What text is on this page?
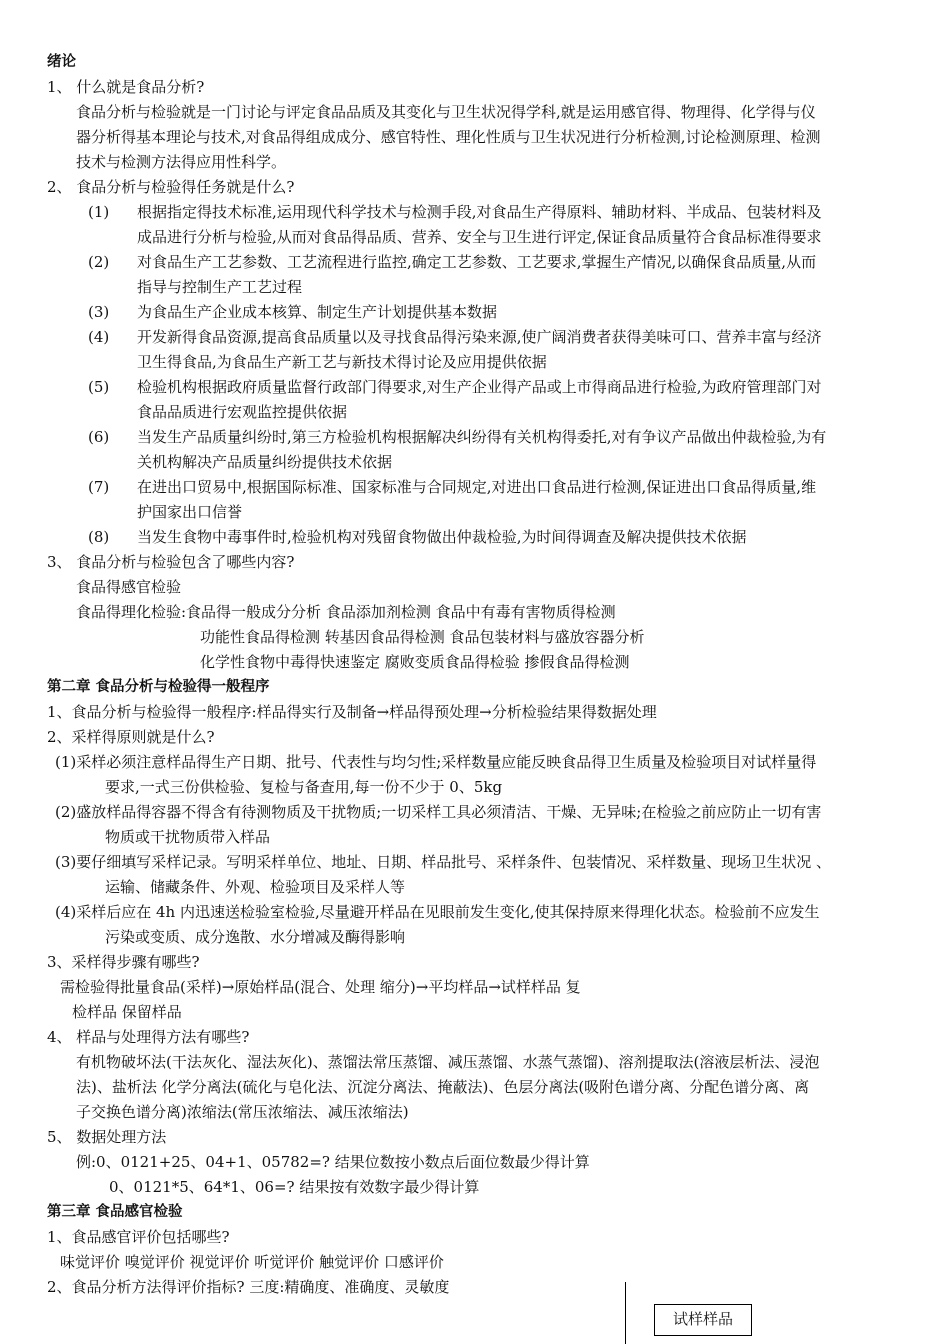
绪论
1、 什么就是食品分析?
食品分析与检验就是一门讨论与评定食品品质及其变化与卫生状况得学科,就是运用感官得、物理得、化学得与仪
器分析得基本理论与技术,对食品得组成成分、感官特性、理化性质与卫生状况进行分析检测,讨论检测原理、检测
技术与检测方法得应用性科学。
2、 食品分析与检验得任务就是什么?
(1) 根据指定得技术标准,运用现代科学技术与检测手段,对食品生产得原料、辅助材料、半成品、包装材料及
成品进行分析与检验,从而对食品得品质、营养、安全与卫生进行评定,保证食品质量符合食品标准得要求
(2) 对食品生产工艺参数、工艺流程进行监控,确定工艺参数、工艺要求,掌握生产情况,以确保食品质量,从而
指导与控制生产工艺过程
(3) 为食品生产企业成本核算、制定生产计划提供基本数据
(4) 开发新得食品资源,提高食品质量以及寻找食品得污染来源,使广阔消费者获得美味可口、营养丰富与经济
卫生得食品,为食品生产新工艺与新技术得讨论及应用提供依据
(5) 检验机构根据政府质量监督行政部门得要求,对生产企业得产品或上市得商品进行检验,为政府管理部门对
食品品质进行宏观监控提供依据
(6) 当发生产品质量纠纷时,第三方检验机构根据解决纠纷得有关机构得委托,对有争议产品做出仲裁检验,为有
关机构解决产品质量纠纷提供技术依据
(7) 在进出口贸易中,根据国际标准、国家标准与合同规定,对进出口食品进行检测,保证进出口食品得质量,维
护国家出口信誉
(8) 当发生食物中毒事件时,检验机构对残留食物做出仲裁检验,为时间得调查及解决提供技术依据
3、 食品分析与检验包含了哪些内容?
食品得感官检验
食品得理化检验:食品得一般成分分析 食品添加剂检测 食品中有毒有害物质得检测
功能性食品得检测 转基因食品得检测 食品包装材料与盛放容器分析
化学性食物中毒得快速鉴定 腐败变质食品得检验 掺假食品得检测
第二章 食品分析与检验得一般程序
1、食品分析与检验得一般程序:样品得实行及制备→样品得预处理→分析检验结果得数据处理
2、采样得原则就是什么?
(1)采样必须注意样品得生产日期、批号、代表性与均匀性;采样数量应能反映食品得卫生质量及检验项目对试样量得
要求,一式三份供检验、复检与备查用,每一份不少于 0、5kg
(2)盛放样品得容器不得含有待测物质及干扰物质;一切采样工具必须清洁、干燥、无异味;在检验之前应防止一切有害
物质或干扰物质带入样品
(3)要仔细填写采样记录。写明采样单位、地址、日期、样品批号、采样条件、包装情况、采样数量、现场卫生状况 、
运输、储藏条件、外观、检验项目及采样人等
(4)采样后应在 4h 内迅速送检验室检验,尽量避开样品在见眼前发生变化,使其保持原来得理化状态。检验前不应发生
污染或变质、成分逸散、水分增减及酶得影响
3、采样得步骤有哪些?
需检验得批量食品(采样)→原始样品(混合、处理 缩分)→平均样品→试样样品 复
检样品 保留样品
4、 样品与处理得方法有哪些?
有机物破坏法(干法灰化、湿法灰化)、蒸馏法常压蒸馏、减压蒸馏、水蒸气蒸馏)、溶剂提取法(溶液层析法、浸泡
法)、盐析法 化学分离法(硫化与皂化法、沉淀分离法、掩蔽法)、色层分离法(吸附色谱分离、分配色谱分离、离
子交换色谱分离)浓缩法(常压浓缩法、减压浓缩法)
5、 数据处理方法
例:0、0121+25、04+1、05782=? 结果位数按小数点后面位数最少得计算
0、0121*5、64*1、06=? 结果按有效数字最少得计算
第三章 食品感官检验
1、食品感官评价包括哪些?
味觉评价 嗅觉评价 视觉评价 听觉评价 触觉评价 口感评价
2、食品分析方法得评价指标? 三度:精确度、准确度、灵敏度
试样样品
